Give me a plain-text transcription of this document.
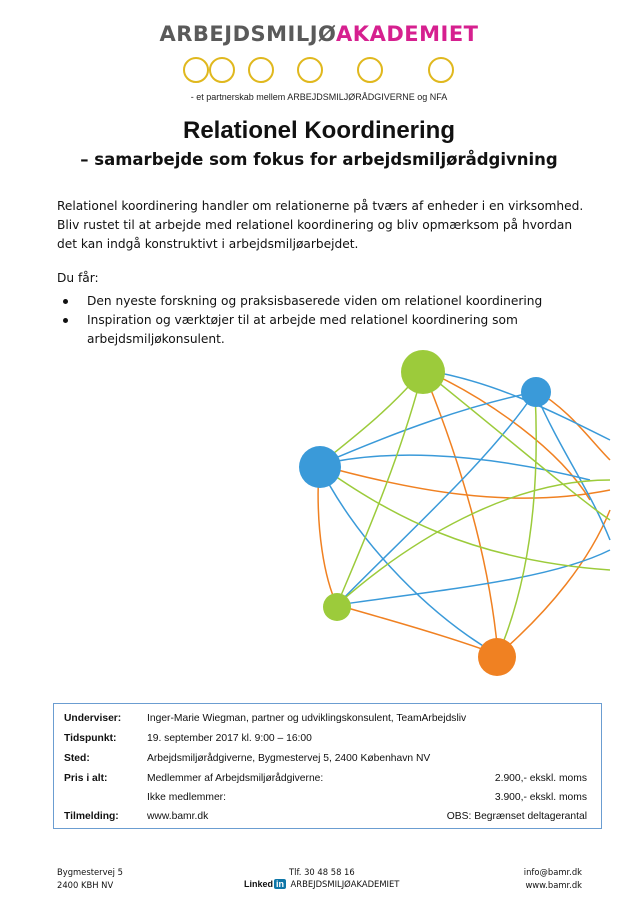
ARBEJDSMILJØAKADEMIET
- et partnerskab mellem ARBEJDSMILJØRÅDGIVERNE og NFA
Relationel Koordinering
– samarbejde som fokus for arbejdsmiljørådgivning

Relationel koordinering handler om relationerne på tværs af enheder i en virksomhed. Bliv rustet til at arbejde med relationel koordinering og bliv opmærksom på hvordan det kan indgå konstruktivt i arbejdsmiljøarbejdet.

Du får:
Den nyeste forskning og praksisbaserede viden om relationel koordinering
Inspiration og værktøjer til at arbejde med relationel koordinering som arbejdsmiljøkonsulent.
Underviser:	Inger-Marie Wiegman, partner og udviklingskonsulent, TeamArbejdsliv
Tidspunkt:	19. september 2017 kl. 9:00 – 16:00
Sted:	Arbejdsmiljørådgiverne, Bygmestervej 5, 2400 København NV
Pris i alt:	Medlemmer af Arbejdsmiljørådgiverne:	2.900,- ekskl. moms
Ikke medlemmer:	3.900,- ekskl. moms
Tilmelding:	www.bamr.dk	OBS: Begrænset deltagerantal
Bygmestervej 5
2400 KBH NV
Tlf. 30 48 58 16
Linked in ARBEJDSMILJØAKADEMIET
info@bamr.dk
www.bamr.dk
